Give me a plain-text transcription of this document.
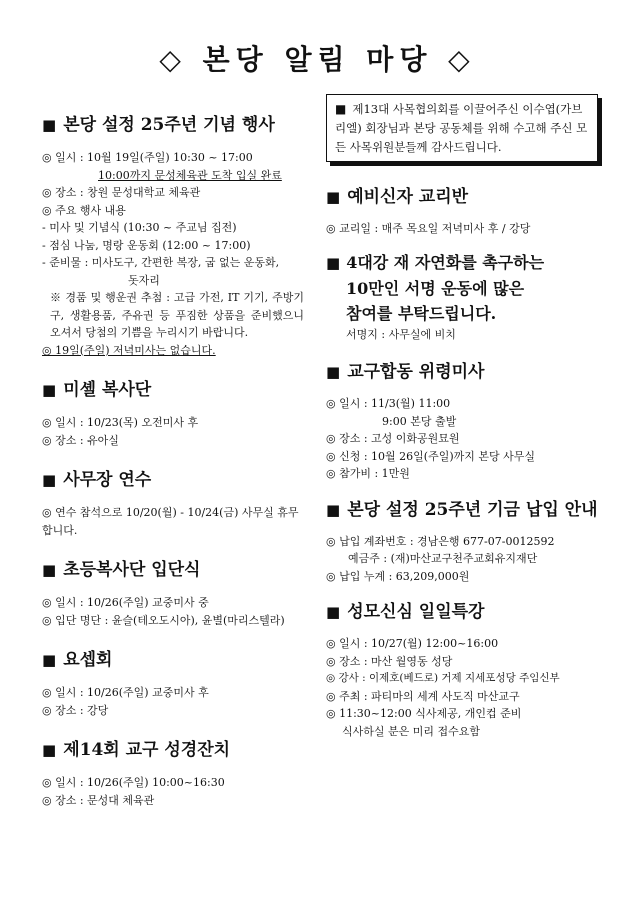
◇ 본당 알림 마당 ◇
■ 본당 설정 25주년 기념 행사
◎ 일시 : 10월 19일(주일) 10:30 ~ 17:00
10:00까지 문성체육관 도착 입실 완료
◎ 장소 : 창원 문성대학교 체육관
◎ 주요 행사 내용
- 미사 및 기념식 (10:30 ~ 주교님 집전)
- 점심 나눔, 명랑 운동회 (12:00 ~ 17:00)
- 준비물 : 미사도구, 간편한 복장, 굽 없는 운동화,
돗자리
※ 경품 및 행운권 추첨 : 고급 가전, IT 기기, 주방기구, 생활용품, 주유권 등 푸짐한 상품을 준비했으니 오셔서 당첨의 기쁨을 누리시기 바랍니다.
◎ 19일(주일) 저녁미사는 없습니다.
■ 미셸 복사단
◎ 일시 : 10/23(목) 오전미사 후
◎ 장소 : 유아실
■ 사무장 연수
◎ 연수 참석으로 10/20(월) - 10/24(금) 사무실 휴무합니다.
■ 초등복사단 입단식
◎ 일시 : 10/26(주일) 교중미사 중
◎ 입단 명단 : 윤슬(테오도시아), 윤별(마리스텔라)
■ 요셉회
◎ 일시 : 10/26(주일) 교중미사 후
◎ 장소 : 강당
■ 제14회 교구 성경잔치
◎ 일시 : 10/26(주일) 10:00~16:30
◎ 장소 : 문성대 체육관
■ 제13대 사목협의회를 이끌어주신 이수엽(가브리엘) 회장님과 본당 공동체를 위해 수고해 주신 모든 사목위원분들께 감사드립니다.
■ 예비신자 교리반
◎ 교리일 : 매주 목요일 저녁미사 후 / 강당
■ 4대강 재 자연화를 촉구하는
10만인 서명 운동에 많은
참여를 부탁드립니다.
서명지 : 사무실에 비치
■ 교구합동 위령미사
◎ 일시 : 11/3(월) 11:00
9:00 본당 출발
◎ 장소 : 고성 이화공원묘원
◎ 신청 : 10월 26일(주일)까지 본당 사무실
◎ 참가비 : 1만원
■ 본당 설정 25주년 기금 납입 안내
◎ 납입 계좌번호 : 경남은행 677-07-0012592
예금주 : (재)마산교구천주교회유지재단
◎ 납입 누계 : 63,209,000원
■ 성모신심 일일특강
◎ 일시 : 10/27(월) 12:00~16:00
◎ 장소 : 마산 월영동 성당
◎ 강사 : 이제호(베드로) 거제 지세포성당 주임신부
◎ 주최 : 파티마의 세계 사도직 마산교구
◎ 11:30~12:00 식사제공, 개인컵 준비
식사하실 분은 미리 접수요함
